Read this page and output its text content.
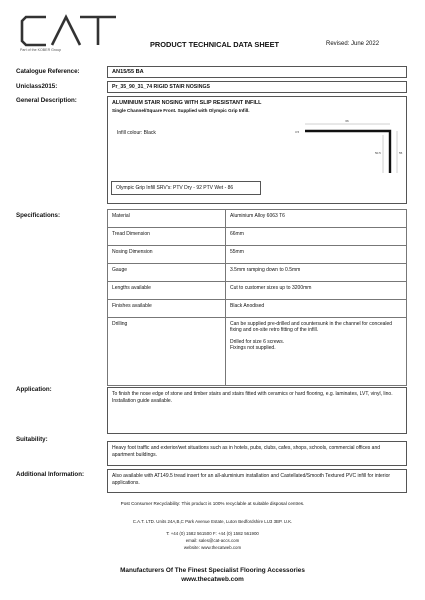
Part of the KOBER Group
PRODUCT TECHNICAL DATA SHEET	Revised: June 2022
Catalogue Reference:	AN15/55 BA
Uniclass2015:	Pr_35_90_31_74 RIGID STAIR NOSINGS
General Description:	ALUMINIUM STAIR NOSING WITH SLIP RESISTANT INFILL
Single Channel/Square Front. Supplied with Olympic Grip Infill.
Infill colour: Black
66
3.5
55
50.5
Olympic Grip Infill SRV's: PTV Dry - 92 PTV Wet - 86
Specifications:	Material	Aluminium Alloy 6063 T6
Tread Dimension	66mm
Nosing Dimension	55mm
Gauge	3.5mm ramping down to 0.5mm
Lengths available	Cut to customer sizes up to 3200mm
Finishes available	Black Anodised
Drilling	Can be supplied pre-drilled and countersunk in the channel for concealed fixing and on-site retro fitting of the infill.
Drilled for size 6 screws.
Fixings not supplied.
Application:
To finish the nose edge of stone and timber stairs and stairs fitted with ceramics or hard flooring, e.g. laminates, LVT, vinyl, lino.
Installation guide available.
Suitability:
Heavy foot traffic and exterior/wet situations such as in hotels, pubs, clubs, cafes, shops, schools, commercial offices and apartment buildings.
Additional Information:	Also available with AT149.5 tread insert for an all-aluminium installation and Castellated/Smooth Textured PVC infill for interior applications.
Post Consumer Recyclability: This product is 100% recyclable at suitable disposal centres.
C.A.T. LTD. Units 24A,B,C Park Avenue Estate, Luton Bedfordshire LU3 3BP. U.K.
T: +44 (0) 1582 561500 F: +44 (0) 1582 561900
email: sales@cat-accs.com
website: www.thecatweb.com
Manufacturers Of The Finest Specialist Flooring Accessories
www.thecatweb.com
